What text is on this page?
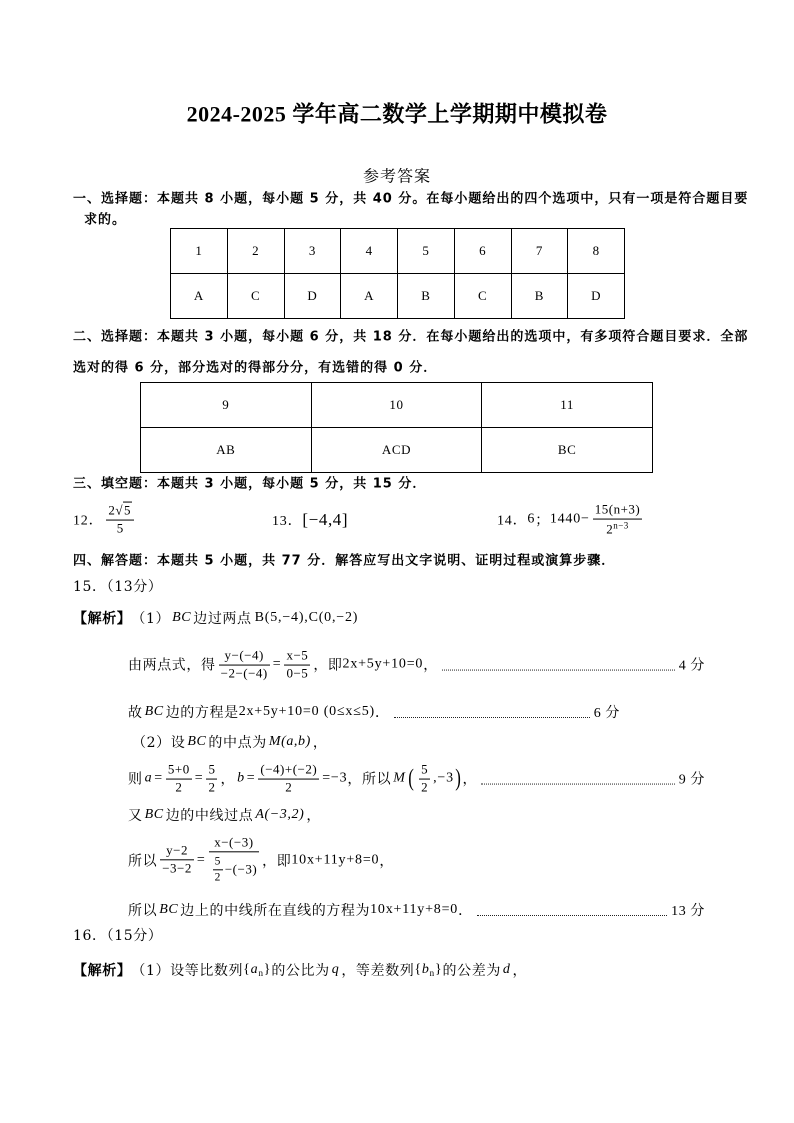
2024-2025 学年高二数学上学期期中模拟卷
参考答案
一、选择题：本题共 8 小题，每小题 5 分，共 40 分。在每小题给出的四个选项中，只有一项是符合题目要
求的。
1	2	3	4	5	6	7	8
A	C	D	A	B	C	B	D
二、选择题：本题共 3 小题，每小题 6 分，共 18 分．在每小题给出的选项中，有多项符合题目要求．全部
选对的得 6 分，部分选对的得部分分，有选错的得 0 分．
9	10	11
AB	ACD	BC
三、填空题：本题共 3 小题，每小题 5 分，共 15 分．
12． $\frac{2√5}{5}$	13． [−4,4]	14． 6 ； $1440- \frac{15(n+3)}{2^{n-3}}$
四、解答题：本题共 5 小题，共 77 分．解答应写出文字说明、证明过程或演算步骤．
15．（13分）
【解析】 （1） BC 边过两点 B(5,−4),C(0,−2)
由两点式，得 $\frac{y-(-4)}{-2-(-4)} = \frac{x-5}{0-5}$ ，即 2x+5y+10=0 ，	4 分
故 BC 边的方程是 2x+5y+10=0 (0≤x≤5) ．	6 分
（2）设 BC 的中点为 M(a,b) ，
则 $a = \frac{5+0}{2} = \frac{5}{2}$ ， $b = \frac{(-4)+(-2)}{2} = -3$ ，所以 M ( $\frac{5}{2} ,-3$ ) ，	9 分
又 BC 边的中线过点 A(−3,2) ，
所以 $\frac{y-2}{-3-2} = \frac{x-(-3)}{\frac{5}{2} -(-3)}$ ，即 10x+11y+8=0 ，
所以 BC 边上的中线所在直线的方程为 10x+11y+8=0 ．	13 分
16．（15分）
【解析】 （1）设等比数列 $\{a_n\}$ 的公比为 q ，等差数列 $\{b_n\}$ 的公差为 d ，
